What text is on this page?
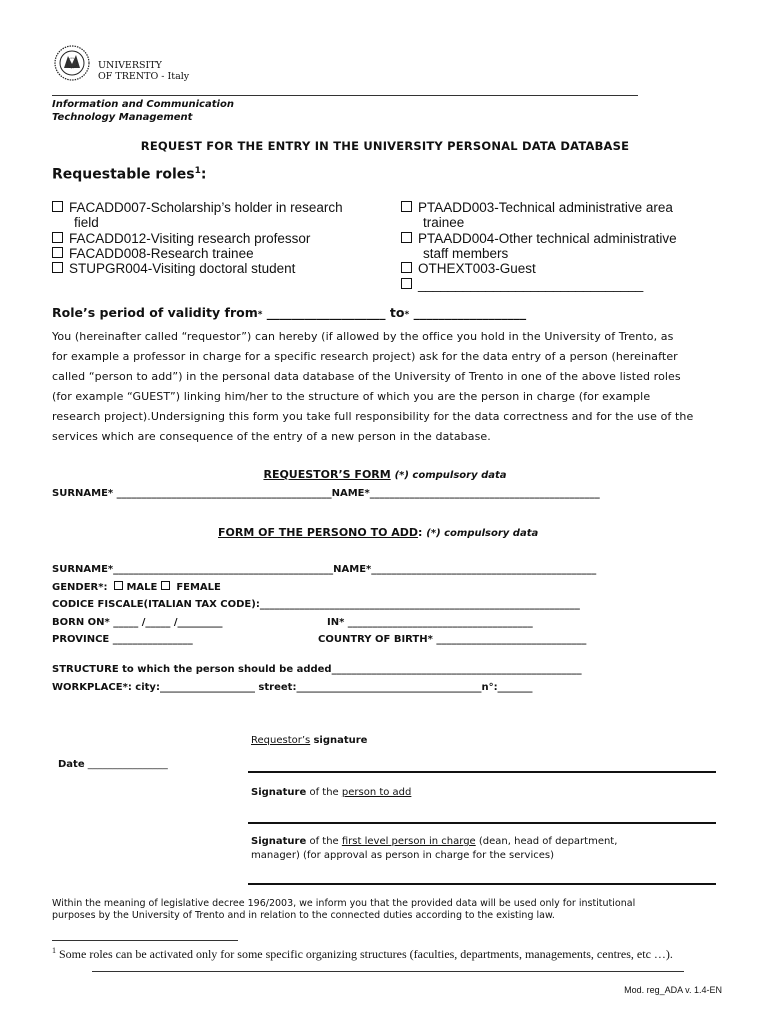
UNIVERSITY
OF TRENTO - Italy
Information and Communication
Technology Management
REQUEST FOR THE ENTRY IN THE UNIVERSITY PERSONAL DATA DATABASE
Requestable roles$^1$:
FACADD007-Scholarship’s holder in research
field
FACADD012-Visiting research professor
FACADD008-Research trainee
STUPGR004-Visiting doctoral student
PTAADD003-Technical administrative area
trainee
PTAADD004-Other technical administrative
staff members
OTHEXT003-Guest
______________________________
Role’s period of validity from* ___________________ to* __________________
You (hereinafter called “requestor”) can hereby (if allowed by the office you hold in the University of Trento, as
for example a professor in charge for a specific research project) ask for the data entry of a person (hereinafter
called “person to add”) in the personal data database of the University of Trento in one of the above listed roles
(for example “GUEST”) linking him/her to the structure of which you are the person in charge (for example
research project).Undersigning this form you take full responsibility for the data correctness and for the use of the
services which are consequence of the entry of a new person in the database.
REQUESTOR’S FORM (*) compulsory data
SURNAME* ___________________________________________NAME*______________________________________________
FORM OF THE PERSONO TO ADD: (*) compulsory data
SURNAME*____________________________________________NAME*_____________________________________________
GENDER*: MALE FEMALE
CODICE FISCALE(ITALIAN TAX CODE):________________________________________________________________
BORN ON* _____ /_____ /_________	IN* _____________________________________
PROVINCE ________________	COUNTRY OF BIRTH* ______________________________
STRUCTURE to which the person should be added__________________________________________________
WORKPLACE*: city:___________________ street:_____________________________________n°:_______
Requestor’s signature
Date ________________
Signature of the person to add
Signature of the first level person in charge (dean, head of department,
manager) (for approval as person in charge for the services)
Within the meaning of legislative decree 196/2003, we inform you that the provided data will be used only for institutional
purposes by the University of Trento and in relation to the connected duties according to the existing law.
$^1$ Some roles can be activated only for some specific organizing structures (faculties, departments, managements, centres, etc …).
Mod. reg_ADA v. 1.4-EN
